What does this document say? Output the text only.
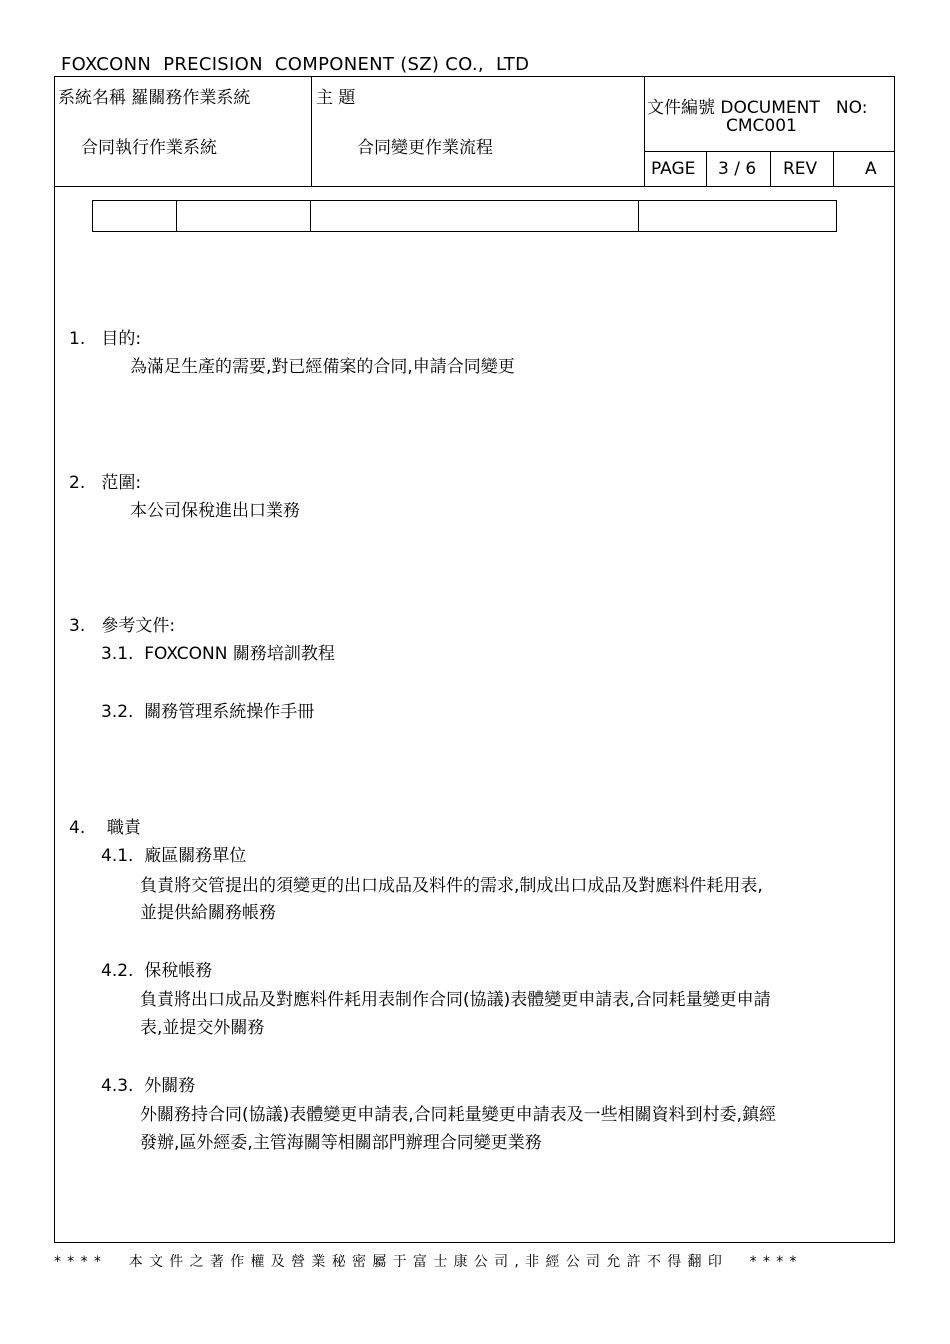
FOXCONN  PRECISION  COMPONENT (SZ) CO.,  LTD
系統名稱 羅關務作業系統
合同執行作業系統
主 題
合同變更作業流程
文件編號 DOCUMENT   NO:
CMC001
PAGE 3 / 6 REV	A
1.   目的:
為滿足生產的需要,對已經備案的合同,申請合同變更
2.   范圍:
本公司保稅進出口業務
3.   參考文件:
3.1.  FOXCONN 關務培訓教程
3.2.  關務管理系統操作手冊
4.    職責
4.1.  廠區關務單位
負責將交管提出的須變更的出口成品及料件的需求,制成出口成品及對應料件耗用表,
並提供給關務帳務
4.2.  保稅帳務
負責將出口成品及對應料件耗用表制作合同(協議)表體變更申請表,合同耗量變更申請
表,並提交外關務
4.3.  外關務
外關務持合同(協議)表體變更申請表,合同耗量變更申請表及一些相關資料到村委,鎮經
發辦,區外經委,主管海關等相關部門辦理合同變更業務
****  本文件之著作權及營業秘密屬于富士康公司,非經公司允許不得翻印  ****
